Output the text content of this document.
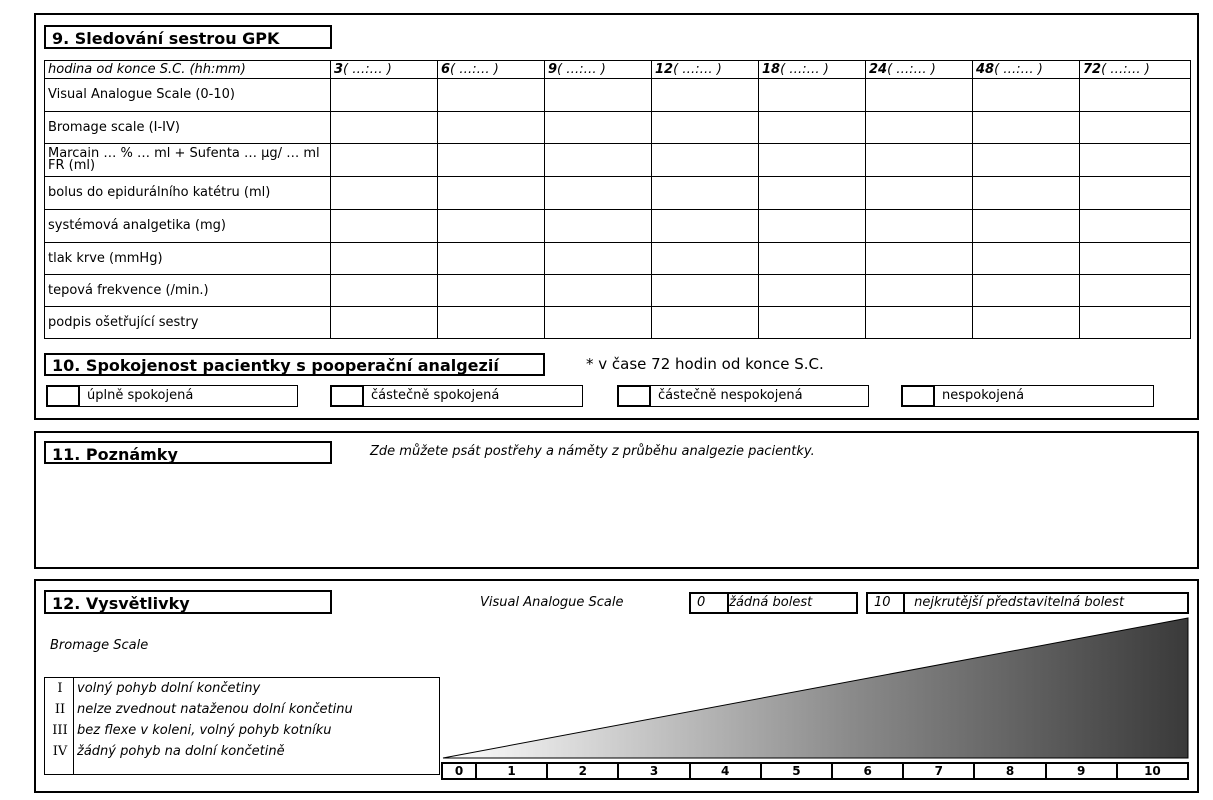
9. Sledování sestrou GPK
hodina od konce S.C. (hh:mm)	3( …:… )	6( …:… )	9( …:… )	12( …:… )	18( …:… )	24( …:… )	48( …:… )	72( …:… )
Visual Analogue Scale (0-10)								
Bromage scale (I-IV)								
Marcain … % … ml + Sufenta … μg/ … ml FR (ml)								
bolus do epidurálního katétru (ml)								
systémová analgetika (mg)								
tlak krve (mmHg)								
tepová frekvence (/min.)								
podpis ošetřující sestry								
10. Spokojenost pacientky s pooperační analgezií	* v čase 72 hodin od konce S.C.
úplně spokojená	částečně spokojená	částečně nespokojená	nespokojená
11. Poznámky	Zde můžete psát postřehy a náměty z průběhu analgezie pacientky.
12. Vysvětlivky	Visual Analogue Scale	0 žádná bolest	10 nejkrutější představitelná bolest
Bromage Scale
I	volný pohyb dolní končetiny
II nelze zvednout nataženou dolní končetinu
III bez flexe v koleni, volný pohyb kotníku
IV žádný pohyb na dolní končetině
0	1	2	3	4	5	6	7	8	9	10
